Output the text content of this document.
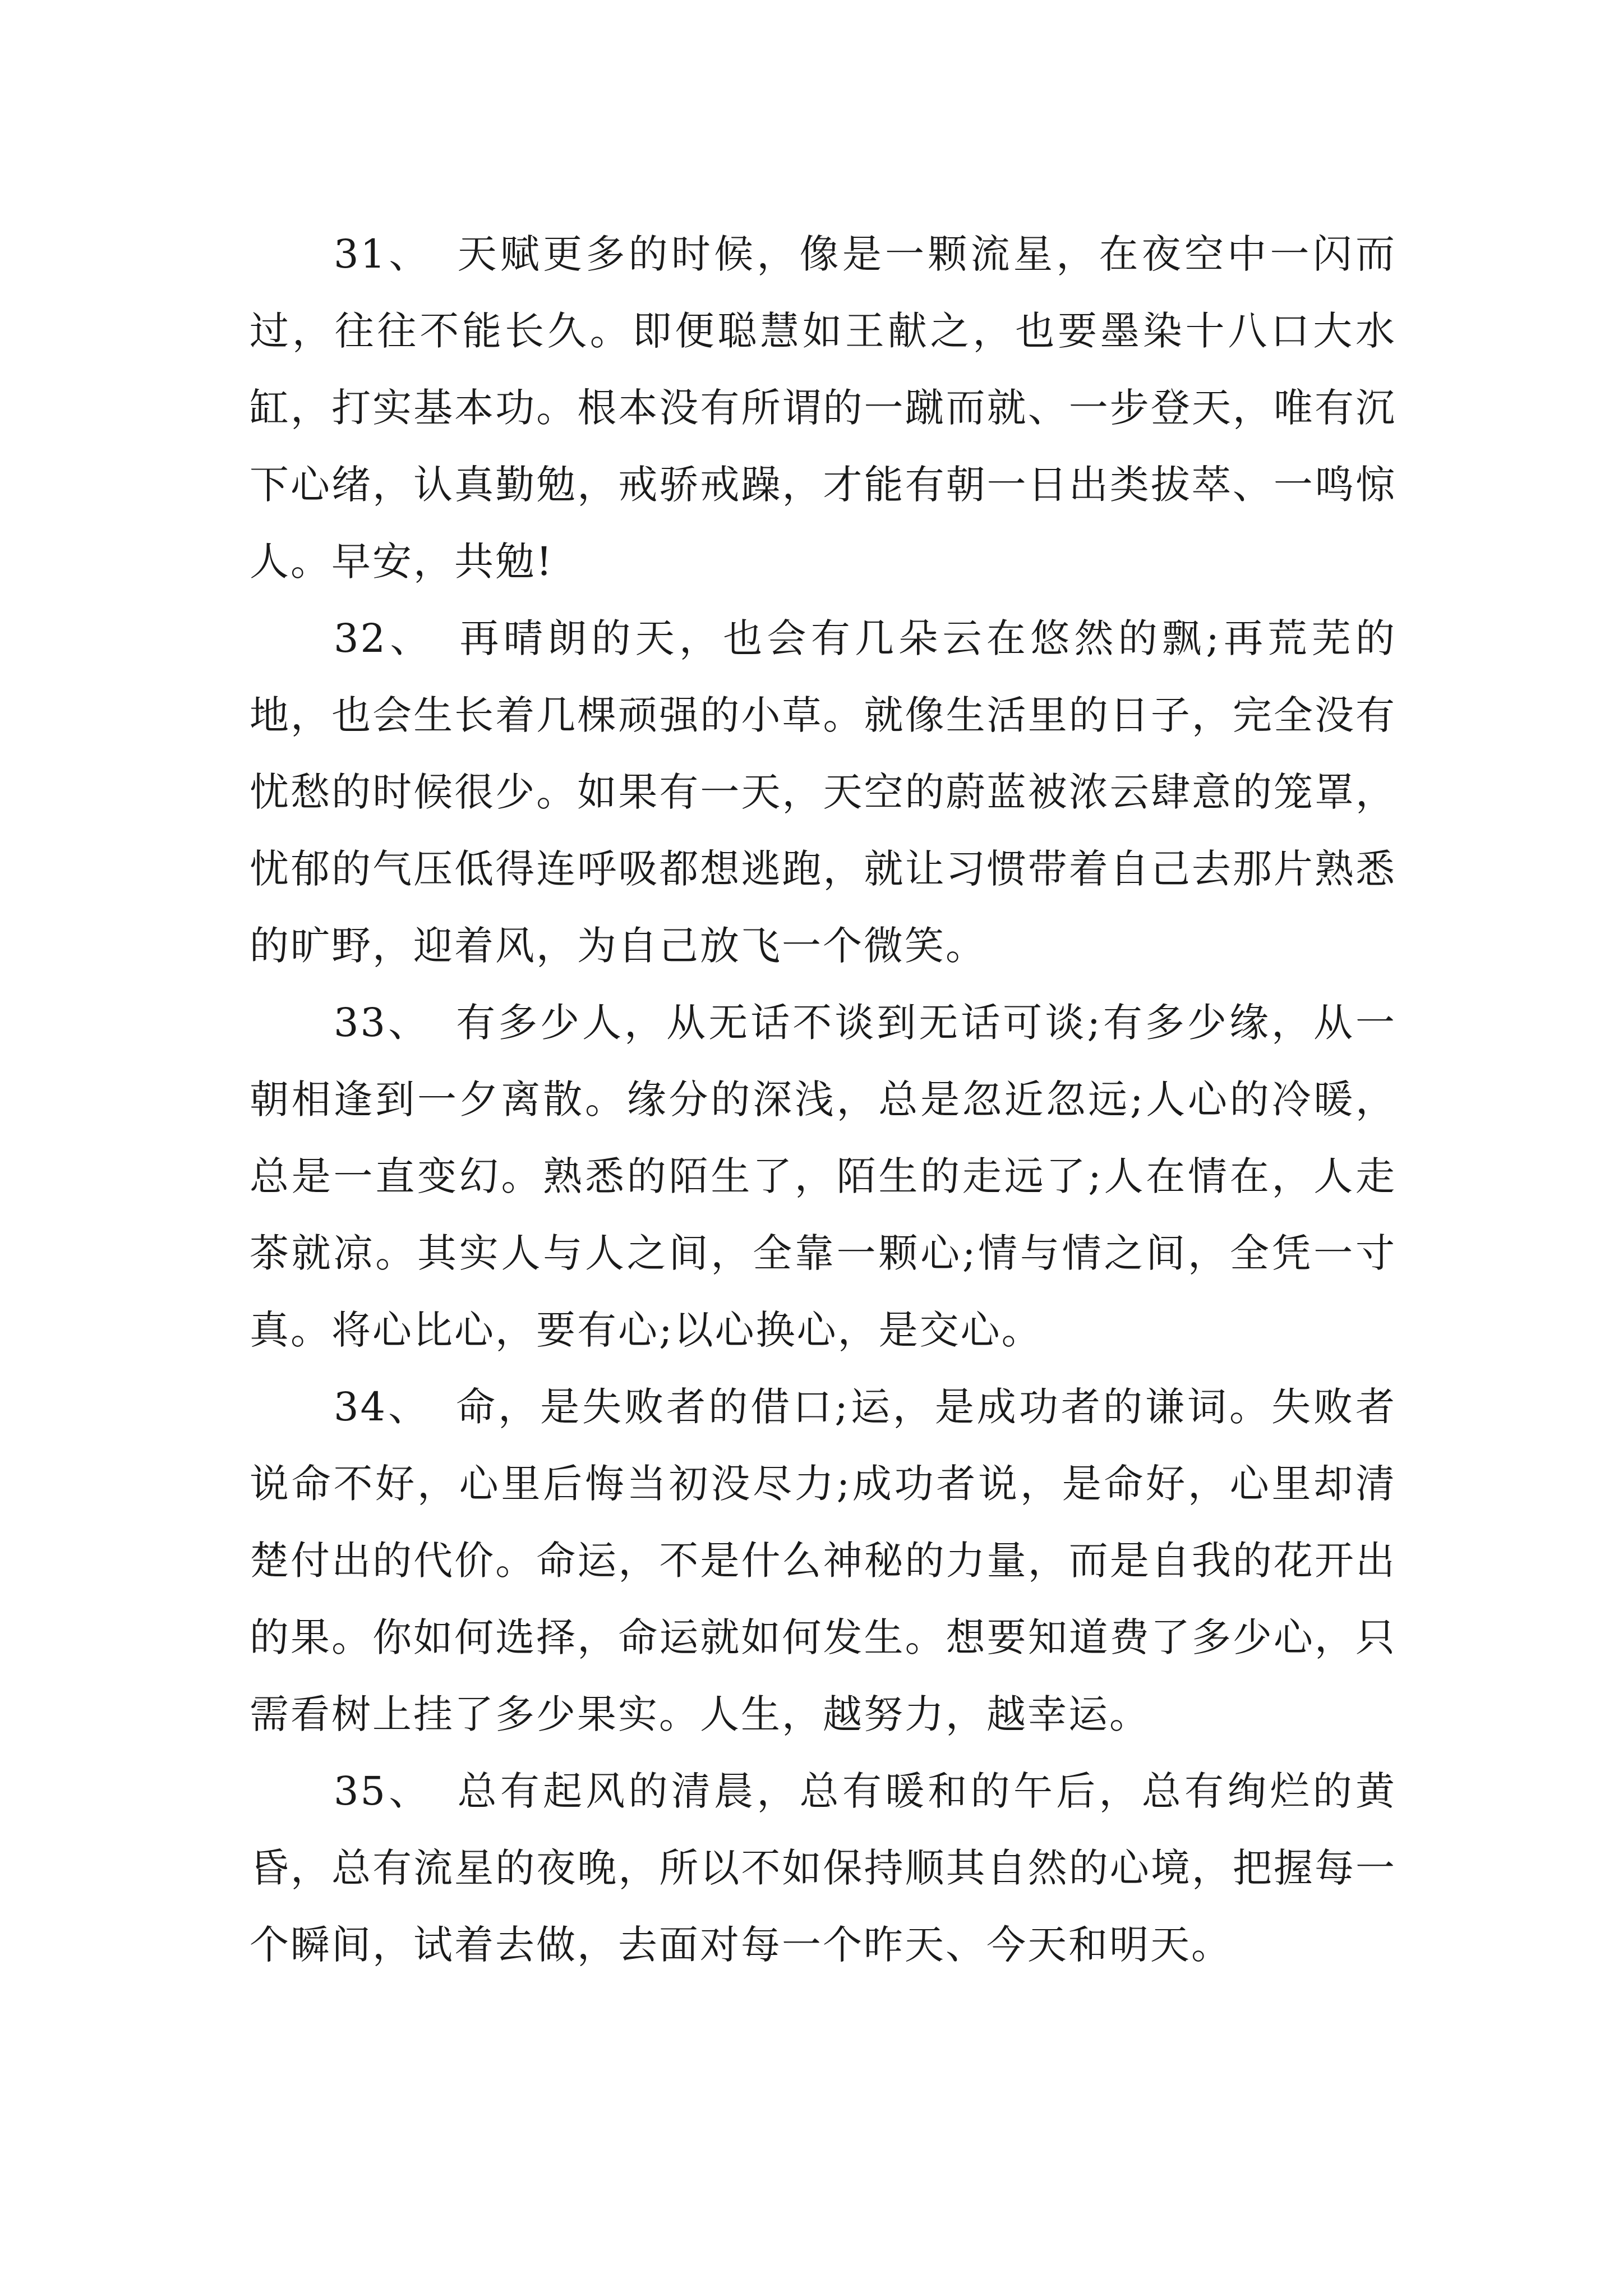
31、 天赋更多的时候，像是一颗流星，在夜空中一闪而过，往往不能长久。即便聪慧如王献之，也要墨染十八口大水缸，打实基本功。根本没有所谓的一蹴而就、一步登天，唯有沉下心绪，认真勤勉，戒骄戒躁，才能有朝一日出类拔萃、一鸣惊人。早安，共勉!

32、 再晴朗的天，也会有几朵云在悠然的飘;再荒芜的地，也会生长着几棵顽强的小草。就像生活里的日子，完全没有忧愁的时候很少。如果有一天，天空的蔚蓝被浓云肆意的笼罩，忧郁的气压低得连呼吸都想逃跑，就让习惯带着自己去那片熟悉的旷野，迎着风，为自己放飞一个微笑。

33、 有多少人，从无话不谈到无话可谈;有多少缘，从一朝相逢到一夕离散。缘分的深浅，总是忽近忽远;人心的冷暖，总是一直变幻。熟悉的陌生了，陌生的走远了;人在情在，人走茶就凉。其实人与人之间，全靠一颗心;情与情之间，全凭一寸真。将心比心，要有心;以心换心，是交心。

34、 命，是失败者的借口;运，是成功者的谦词。失败者说命不好，心里后悔当初没尽力;成功者说，是命好，心里却清楚付出的代价。命运，不是什么神秘的力量，而是自我的花开出的果。你如何选择，命运就如何发生。想要知道费了多少心，只需看树上挂了多少果实。人生，越努力，越幸运。

35、 总有起风的清晨，总有暖和的午后，总有绚烂的黄昏，总有流星的夜晚，所以不如保持顺其自然的心境，把握每一个瞬间，试着去做，去面对每一个昨天、今天和明天。
